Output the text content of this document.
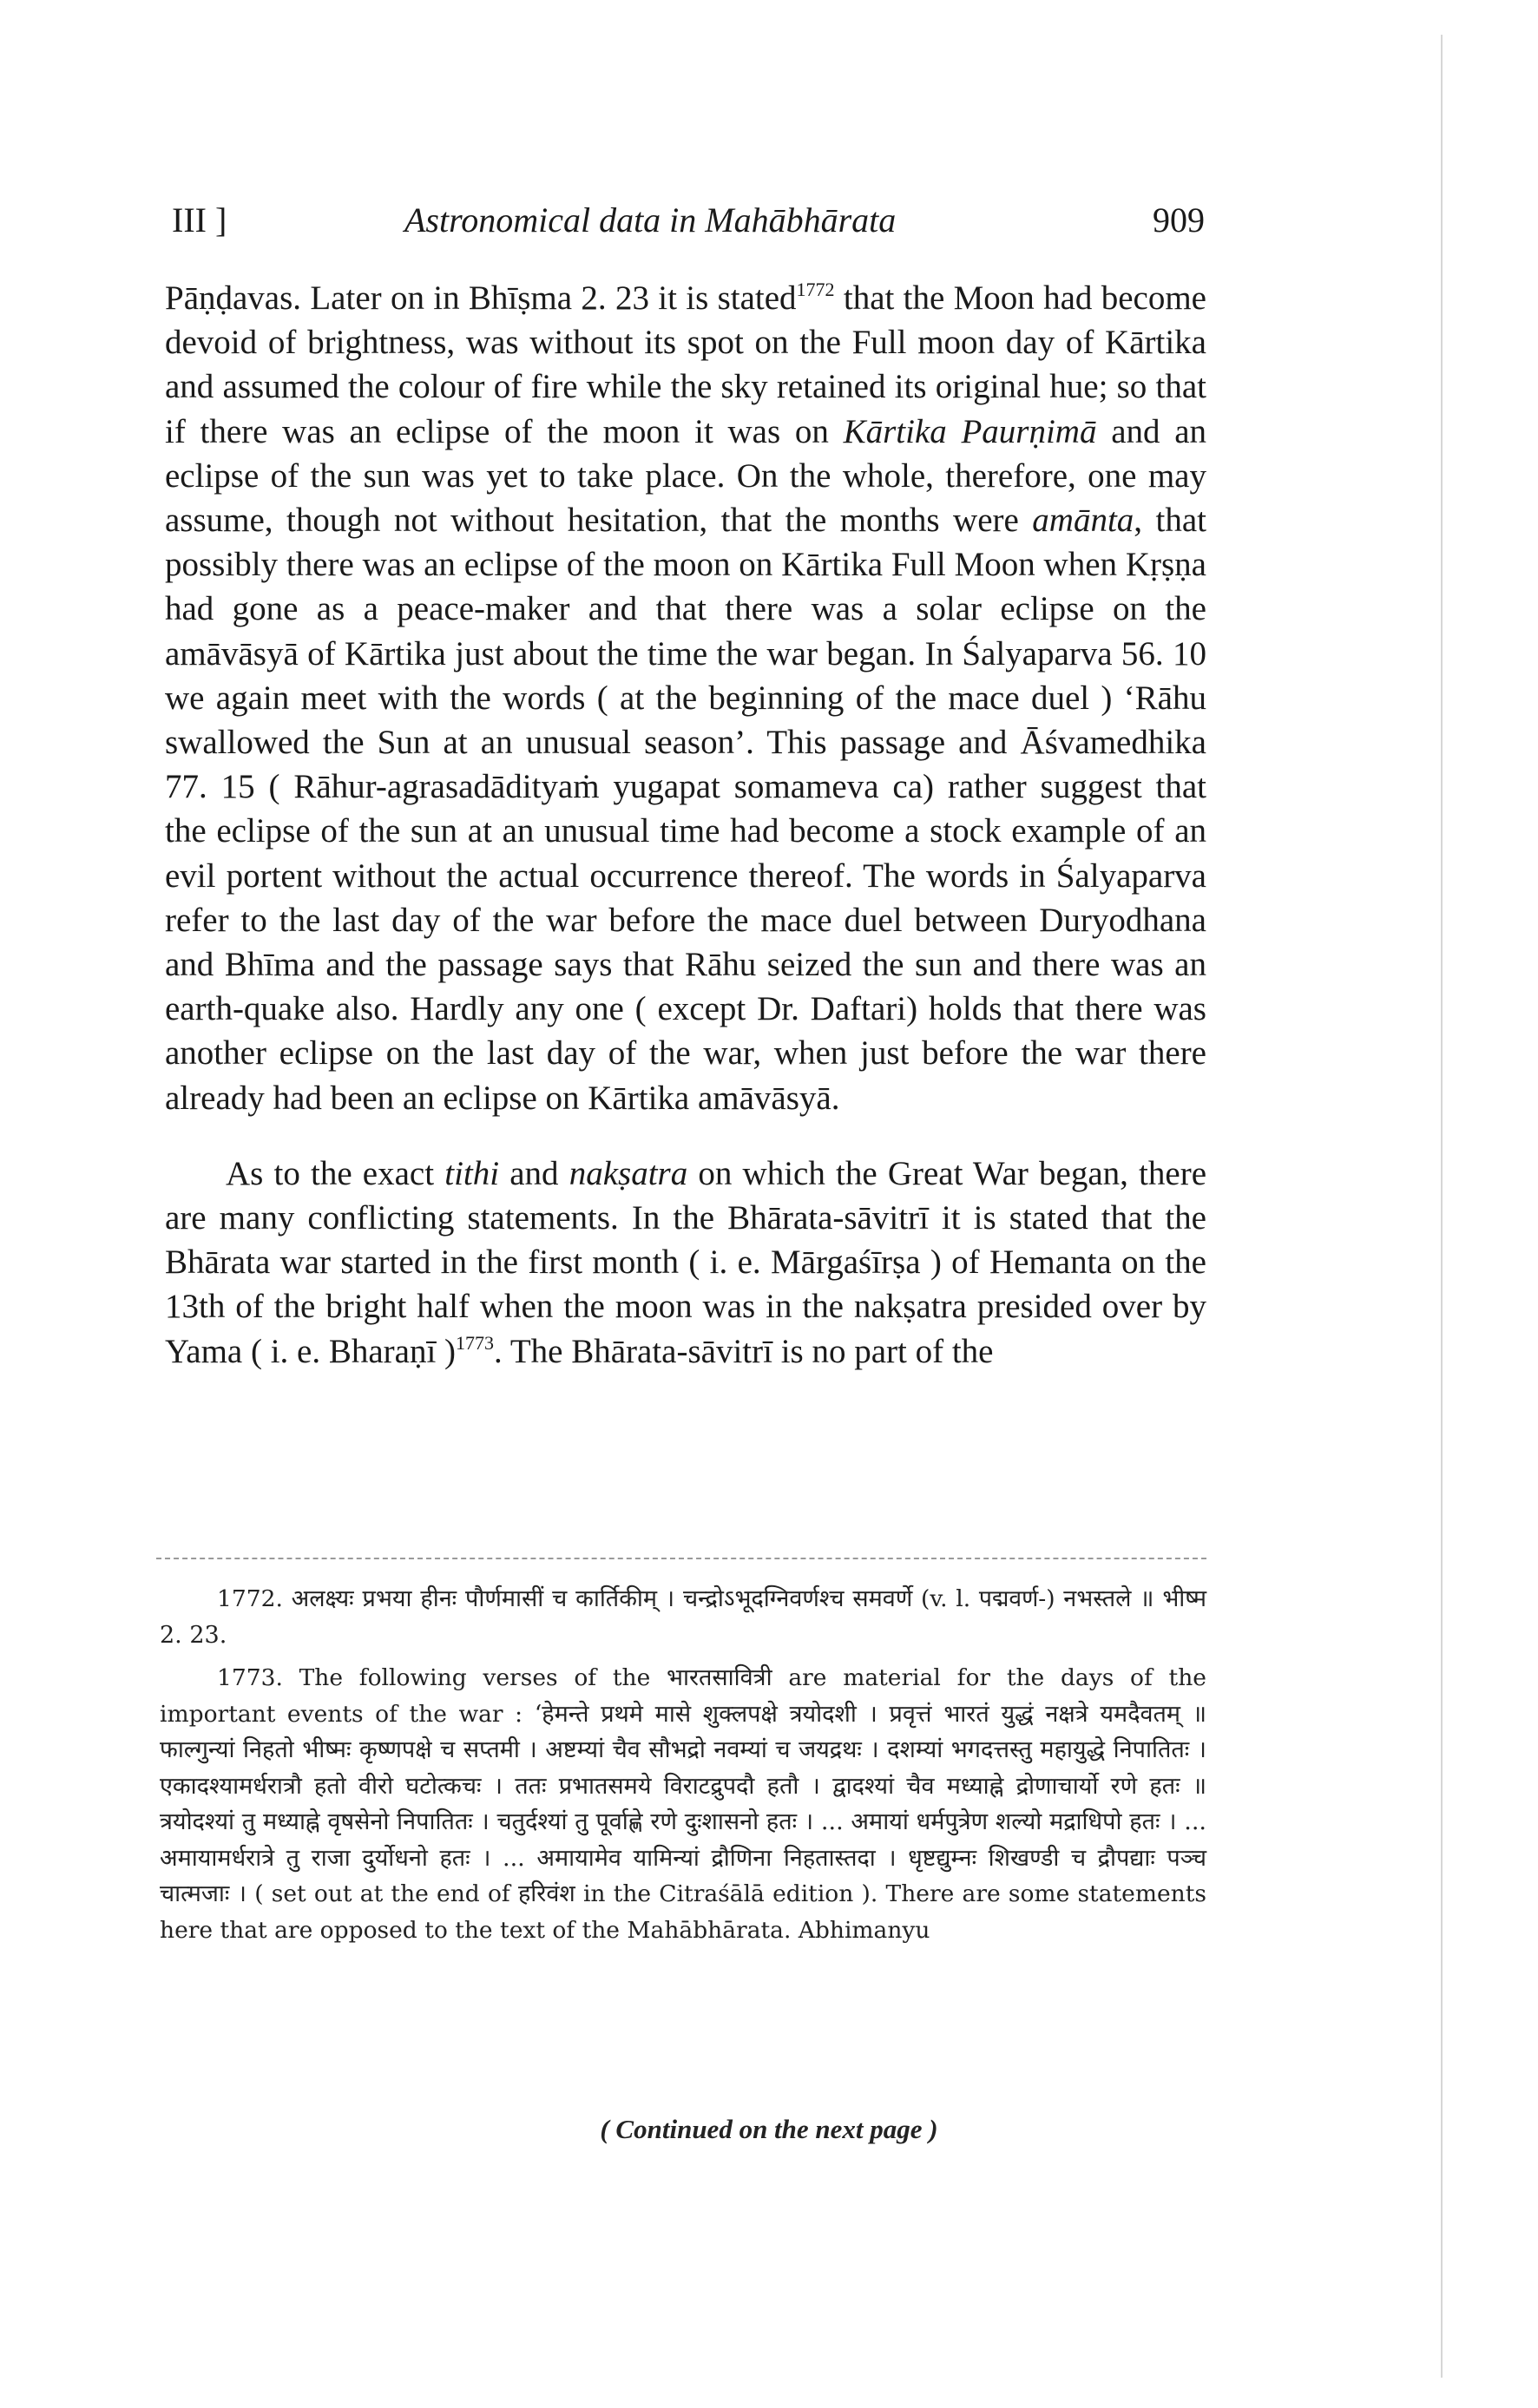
III ]	Astronomical data in Mahābhārata	909

Pāṇḍavas. Later on in Bhīṣma 2. 23 it is stated$^{1772}$ that the Moon had become devoid of brightness, was without its spot on the Full moon day of Kārtika and assumed the colour of fire while the sky retained its original hue; so that if there was an eclipse of the moon it was on Kārtika Paurṇimā and an eclipse of the sun was yet to take place. On the whole, therefore, one may assume, though not without hesitation, that the months were amānta, that possibly there was an eclipse of the moon on Kārtika Full Moon when Kṛṣṇa had gone as a peace-maker and that there was a solar eclipse on the amāvāsyā of Kārtika just about the time the war began. In Śalyaparva 56. 10 we again meet with the words ( at the beginning of the mace duel ) ‘Rāhu swallowed the Sun at an unusual season’. This passage and Āśvamedhika 77. 15 ( Rāhur-agrasadādityaṁ yugapat somameva ca) rather suggest that the eclipse of the sun at an unusual time had become a stock example of an evil portent without the actual occurrence thereof. The words in Śalyaparva refer to the last day of the war before the mace duel between Duryodhana and Bhīma and the passage says that Rāhu seized the sun and there was an earth-quake also. Hardly any one ( except Dr. Daftari) holds that there was another eclipse on the last day of the war, when just before the war there already had been an eclipse on Kārtika amāvāsyā.

As to the exact tithi and nakṣatra on which the Great War began, there are many conflicting statements. In the Bhārata-sāvitrī it is stated that the Bhārata war started in the first month ( i. e. Mārgaśīrṣa ) of Hemanta on the 13th of the bright half when the moon was in the nakṣatra presided over by Yama ( i. e. Bharaṇī )$^{1773}$. The Bhārata-sāvitrī is no part of the

1772. अलक्ष्यः प्रभया हीनः पौर्णमासीं च कार्तिकीम् । चन्द्रोऽभूदग्निवर्णश्च समवर्णे (v. l. पद्मवर्ण-) नभस्तले ॥ भीष्म 2. 23.

1773. The following verses of the भारतसावित्री are material for the days of the important events of the war : ‘हेमन्ते प्रथमे मासे शुक्लपक्षे त्रयोदशी । प्रवृत्तं भारतं युद्धं नक्षत्रे यमदैवतम् ॥ फाल्गुन्यां निहतो भीष्मः कृष्णपक्षे च सप्तमी । अष्टम्यां चैव सौभद्रो नवम्यां च जयद्रथः । दशम्यां भगदत्तस्तु महायुद्धे निपातितः । एकादश्यामर्धरात्रौ हतो वीरो घटोत्कचः । ततः प्रभातसमये विराटद्रुपदौ हतौ । द्वादश्यां चैव मध्याह्ने द्रोणाचार्यो रणे हतः ॥ त्रयोदश्यां तु मध्याह्ने वृषसेनो निपातितः । चतुर्दश्यां तु पूर्वाह्णे रणे दुःशासनो हतः । ... अमायां धर्मपुत्रेण शल्यो मद्राधिपो हतः । ... अमायामर्धरात्रे तु राजा दुर्योधनो हतः । ... अमायामेव यामिन्यां द्रौणिना निहतास्तदा । धृष्टद्युम्नः शिखण्डी च द्रौपद्याः पञ्च चात्मजाः । ( set out at the end of हरिवंश in the Citraśālā edition ). There are some statements here that are opposed to the text of the Mahābhārata. Abhimanyu

( Continued on the next page )
